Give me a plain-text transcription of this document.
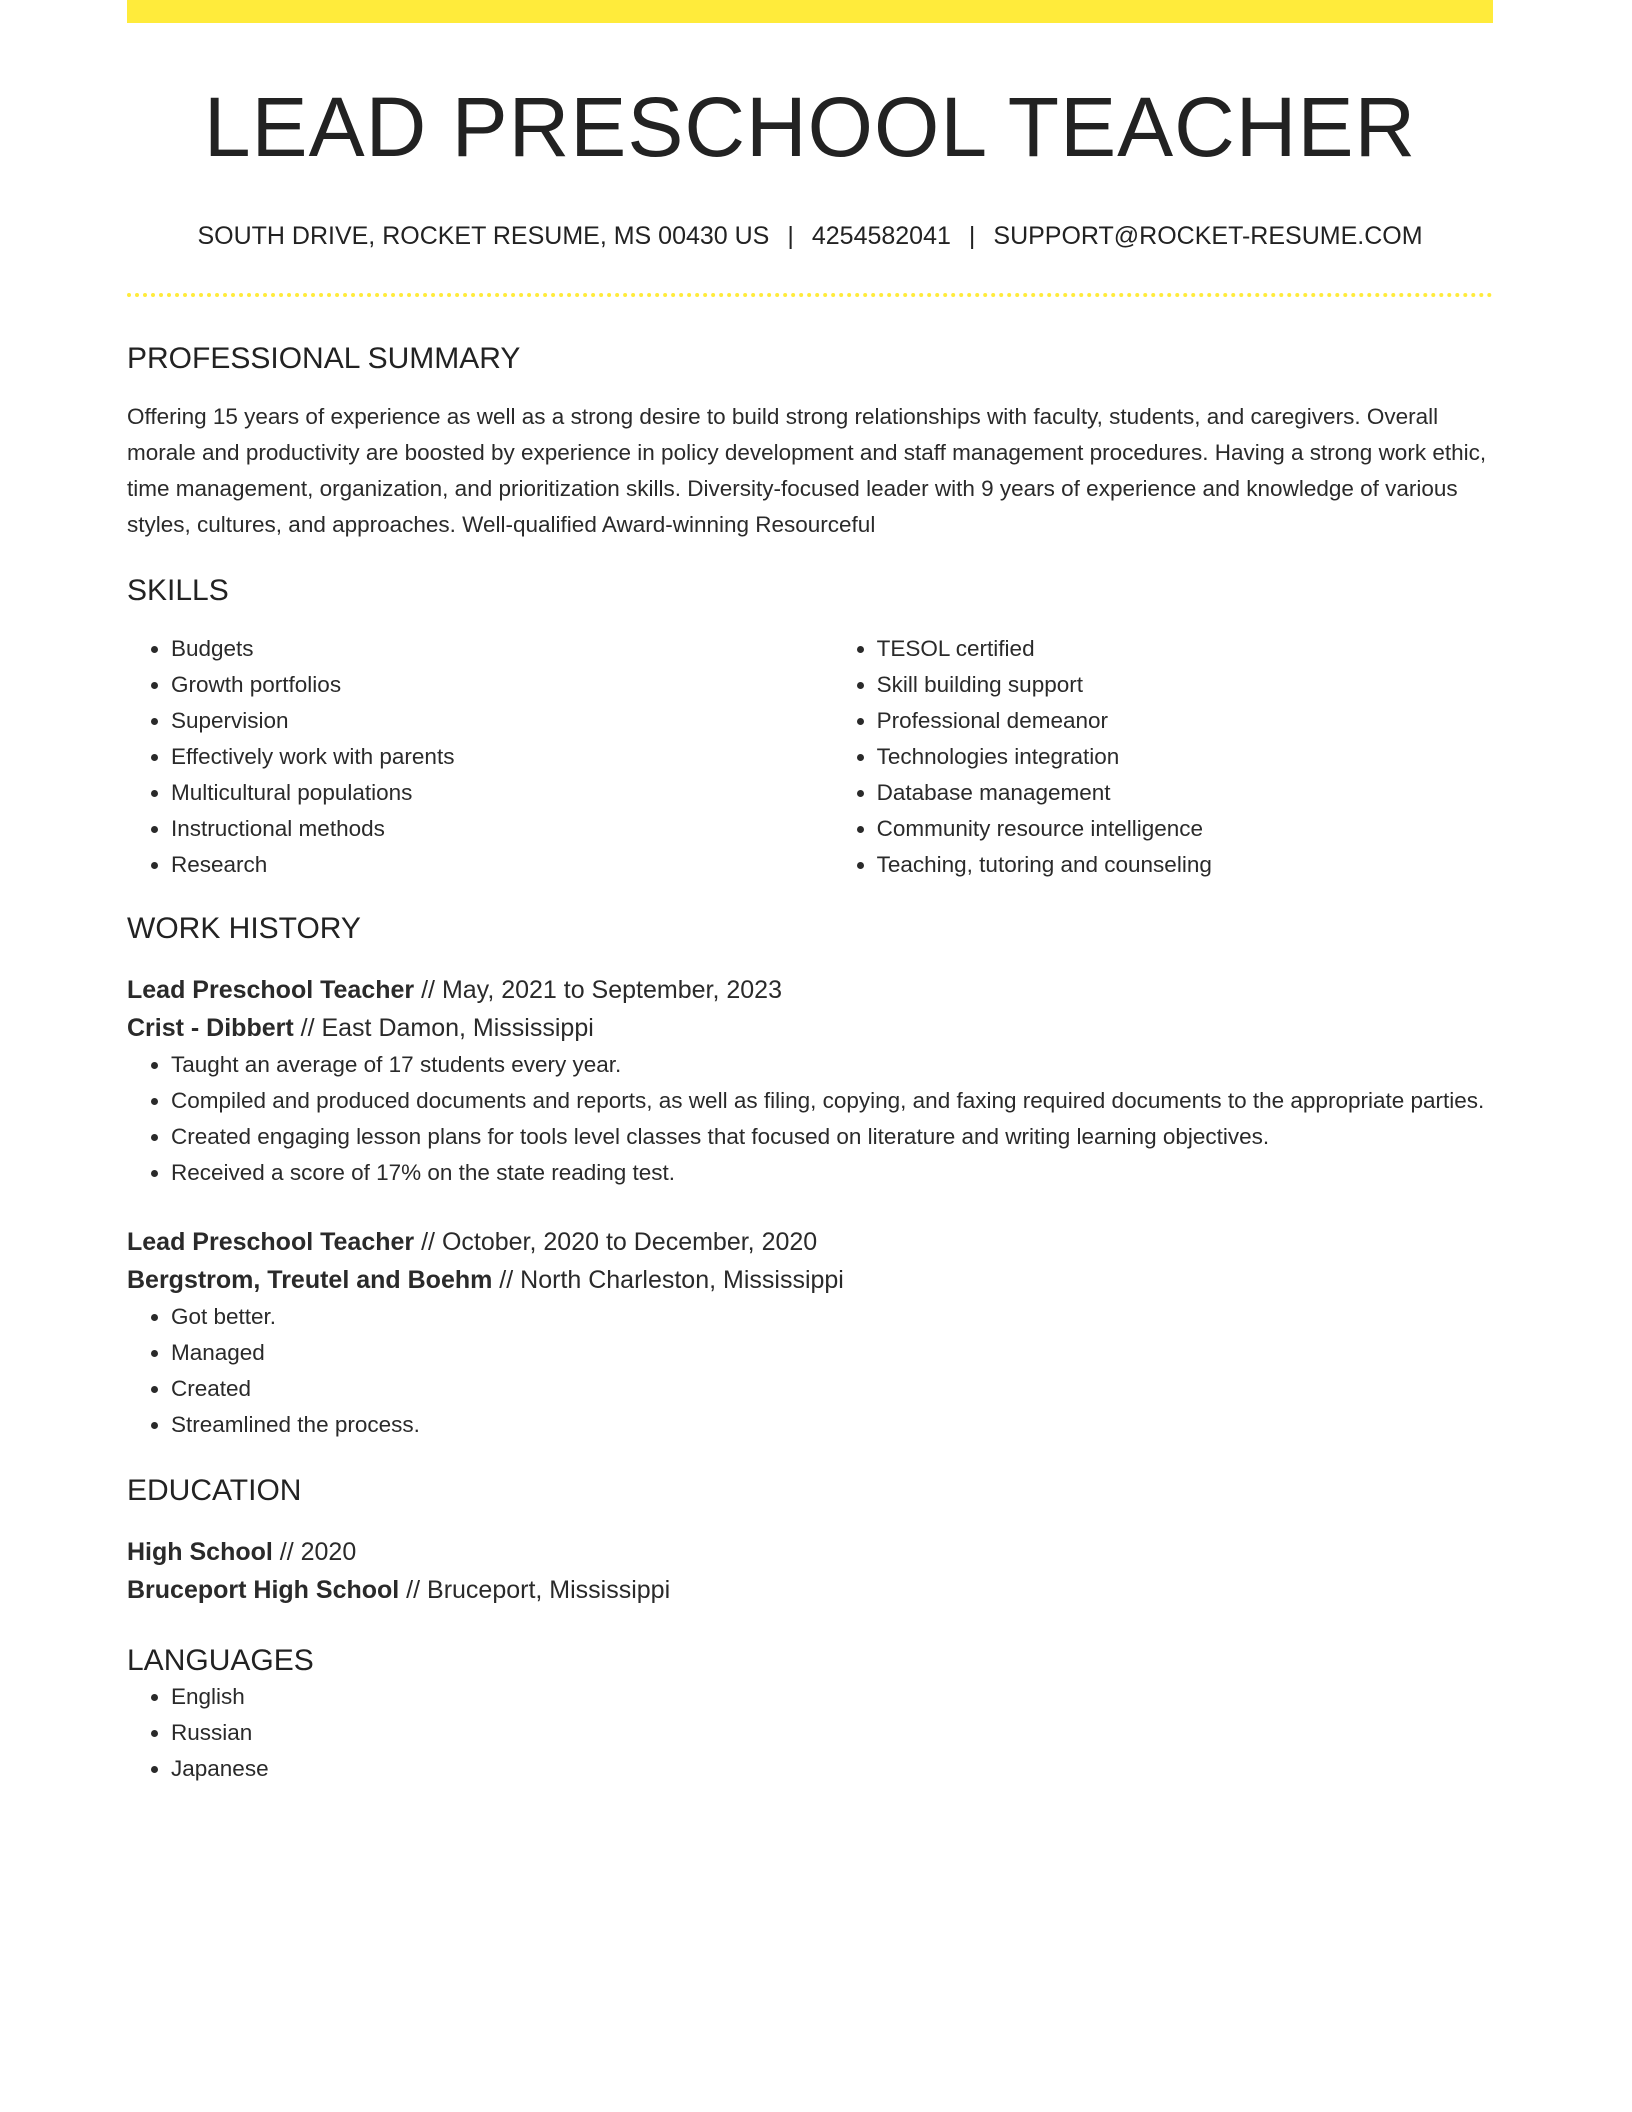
LEAD PRESCHOOL TEACHER
SOUTH DRIVE, ROCKET RESUME, MS 00430 US | 4254582041 | SUPPORT@ROCKET-RESUME.COM
PROFESSIONAL SUMMARY

Offering 15 years of experience as well as a strong desire to build strong relationships with faculty, students, and caregivers. Overall morale and productivity are boosted by experience in policy development and staff management procedures. Having a strong work ethic, time management, organization, and prioritization skills. Diversity-focused leader with 9 years of experience and knowledge of various styles, cultures, and approaches. Well-qualified Award-winning Resourceful

SKILLS
• Budgets
• Growth portfolios
• Supervision
• Effectively work with parents
• Multicultural populations
• Instructional methods
• Research
• TESOL certified
• Skill building support
• Professional demeanor
• Technologies integration
• Database management
• Community resource intelligence
• Teaching, tutoring and counseling
WORK HISTORY
Lead Preschool Teacher // May, 2021 to September, 2023
Crist - Dibbert // East Damon, Mississippi
• Taught an average of 17 students every year.
• Compiled and produced documents and reports, as well as filing, copying, and faxing required documents to the appropriate parties.
• Created engaging lesson plans for tools level classes that focused on literature and writing learning objectives.
• Received a score of 17% on the state reading test.
Lead Preschool Teacher // October, 2020 to December, 2020
Bergstrom, Treutel and Boehm // North Charleston, Mississippi
• Got better.
• Managed
• Created
• Streamlined the process.
EDUCATION
High School // 2020
Bruceport High School // Bruceport, Mississippi
LANGUAGES
• English
• Russian
• Japanese
